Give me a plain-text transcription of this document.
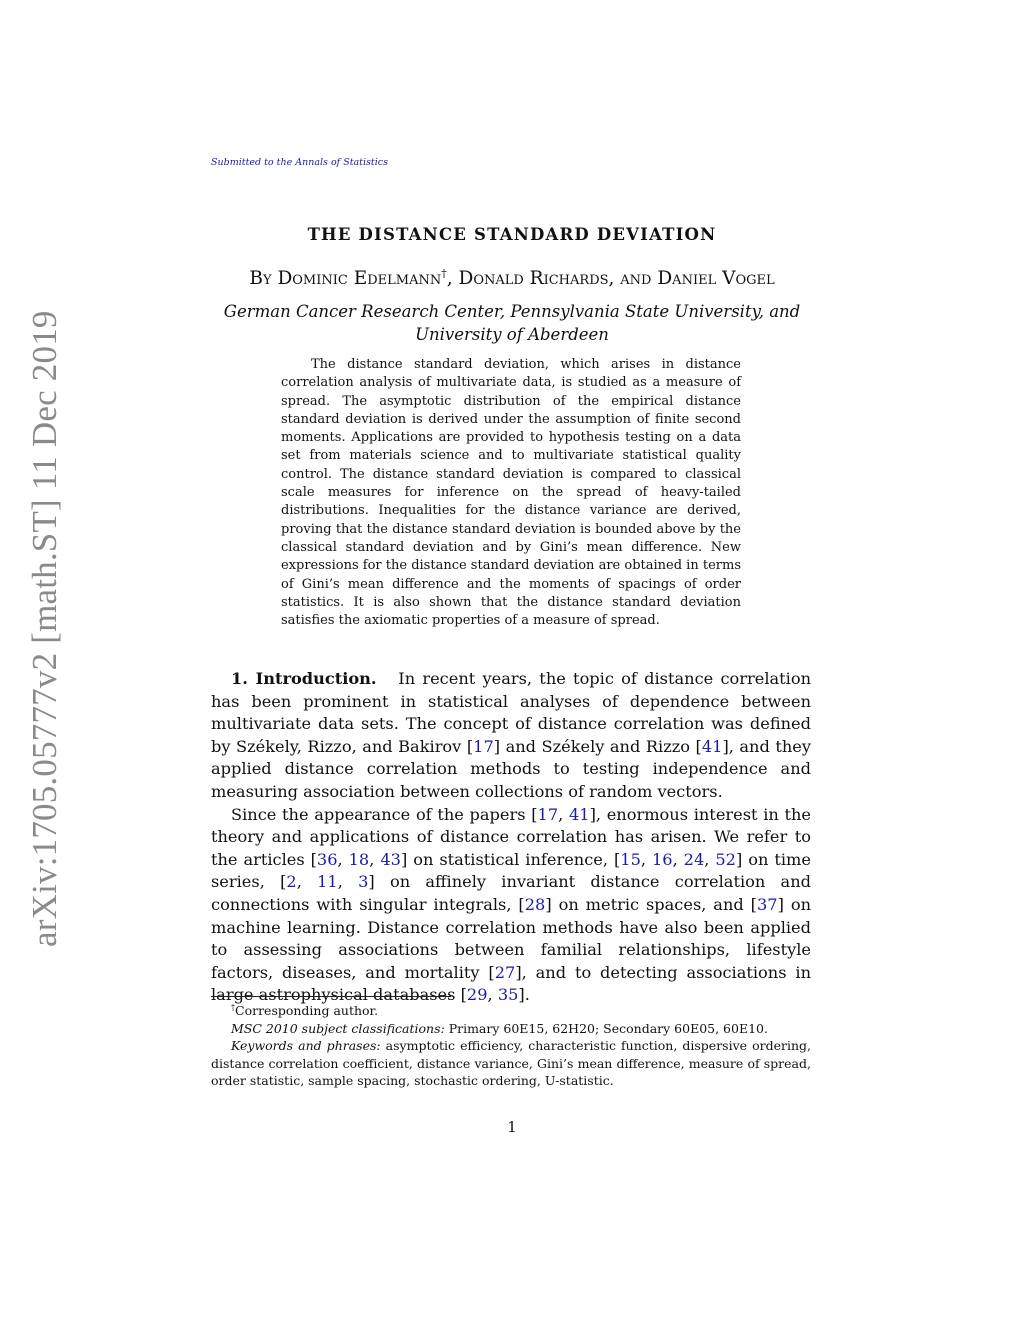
arXiv:1705.05777v2 [math.ST] 11 Dec 2019
Submitted to the Annals of Statistics
THE DISTANCE STANDARD DEVIATION
By Dominic Edelmann†, Donald Richards, and Daniel Vogel
German Cancer Research Center, Pennsylvania State University, and University of Aberdeen
The distance standard deviation, which arises in distance correlation analysis of multivariate data, is studied as a measure of spread. The asymptotic distribution of the empirical distance standard deviation is derived under the assumption of finite second moments. Applications are provided to hypothesis testing on a data set from materials science and to multivariate statistical quality control. The distance standard deviation is compared to classical scale measures for inference on the spread of heavy-tailed distributions. Inequalities for the distance variance are derived, proving that the distance standard deviation is bounded above by the classical standard deviation and by Gini’s mean difference. New expressions for the distance standard deviation are obtained in terms of Gini’s mean difference and the moments of spacings of order statistics. It is also shown that the distance standard deviation satisfies the axiomatic properties of a measure of spread.

1. Introduction. In recent years, the topic of distance correlation has been prominent in statistical analyses of dependence between multivariate data sets. The concept of distance correlation was defined by Székely, Rizzo, and Bakirov [17] and Székely and Rizzo [41], and they applied distance correlation methods to testing independence and measuring association between collections of random vectors.

Since the appearance of the papers [17, 41], enormous interest in the theory and applications of distance correlation has arisen. We refer to the articles [36, 18, 43] on statistical inference, [15, 16, 24, 52] on time series, [2, 11, 3] on affinely invariant distance correlation and connections with singular integrals, [28] on metric spaces, and [37] on machine learning. Distance correlation methods have also been applied to assessing associations between familial relationships, lifestyle factors, diseases, and mortality [27], and to detecting associations in large astrophysical databases [29, 35].

†Corresponding author.

MSC 2010 subject classifications: Primary 60E15, 62H20; Secondary 60E05, 60E10.

Keywords and phrases: asymptotic efficiency, characteristic function, dispersive ordering, distance correlation coefficient, distance variance, Gini’s mean difference, measure of spread, order statistic, sample spacing, stochastic ordering, U-statistic.

1
